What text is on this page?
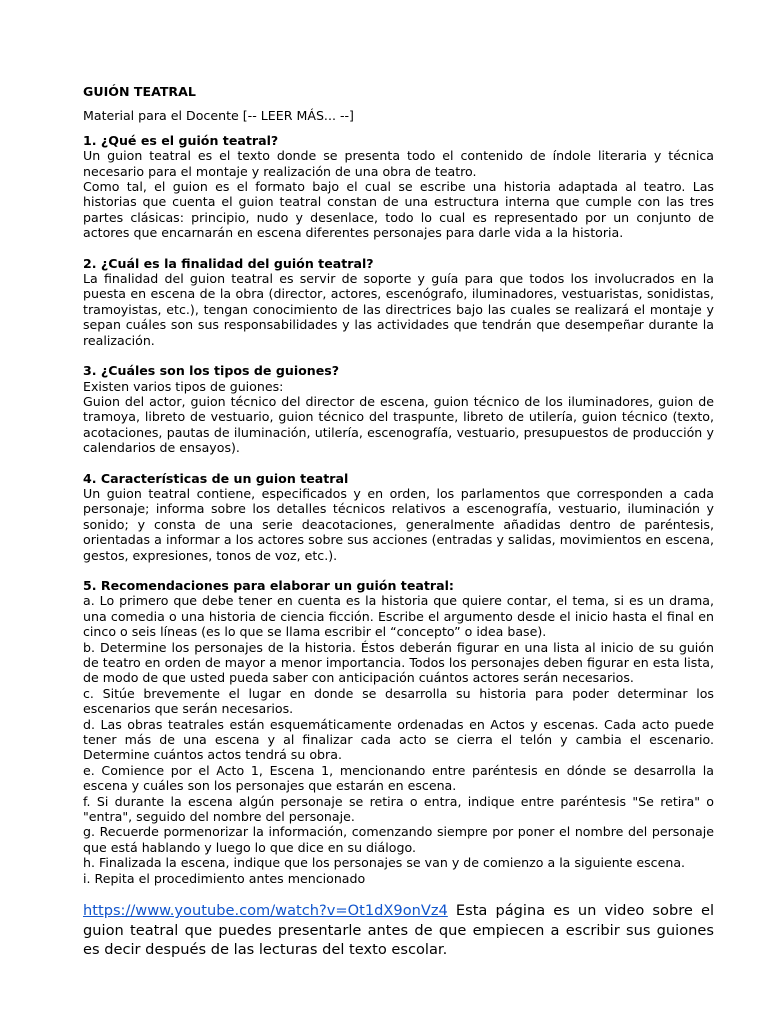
GUIÓN TEATRAL
Material para el Docente [-- LEER MÁS... --]
1. ¿Qué es el guión teatral?
Un guion teatral es el texto donde se presenta todo el contenido de índole literaria y técnica necesario para el montaje y realización de una obra de teatro.
Como tal, el guion es el formato bajo el cual se escribe una historia adaptada al teatro. Las historias que cuenta el guion teatral constan de una estructura interna que cumple con las tres partes clásicas: principio, nudo y desenlace, todo lo cual es representado por un conjunto de actores que encarnarán en escena diferentes personajes para darle vida a la historia.
2. ¿Cuál es la finalidad del guión teatral?
La finalidad del guion teatral es servir de soporte y guía para que todos los involucrados en la puesta en escena de la obra (director, actores, escenógrafo, iluminadores, vestuaristas, sonidistas, tramoyistas, etc.), tengan conocimiento de las directrices bajo las cuales se realizará el montaje y sepan cuáles son sus responsabilidades y las actividades que tendrán que desempeñar durante la realización.
3. ¿Cuáles son los tipos de guiones?
Existen varios tipos de guiones:
Guion del actor, guion técnico del director de escena, guion técnico de los iluminadores, guion de tramoya, libreto de vestuario, guion técnico del traspunte, libreto de utilería, guion técnico (texto, acotaciones, pautas de iluminación, utilería, escenografía, vestuario, presupuestos de producción y calendarios de ensayos).
4. Características de un guion teatral
Un guion teatral contiene, especificados y en orden, los parlamentos que corresponden a cada personaje; informa sobre los detalles técnicos relativos a escenografía, vestuario, iluminación y sonido; y consta de una serie deacotaciones, generalmente añadidas dentro de paréntesis, orientadas a informar a los actores sobre sus acciones (entradas y salidas, movimientos en escena, gestos, expresiones, tonos de voz, etc.).
5. Recomendaciones para elaborar un guión teatral:
a. Lo primero que debe tener en cuenta es la historia que quiere contar, el tema, si es un drama, una comedia o una historia de ciencia ficción. Escribe el argumento desde el inicio hasta el final en cinco o seis líneas (es lo que se llama escribir el “concepto” o idea base).
b. Determine los personajes de la historia. Éstos deberán figurar en una lista al inicio de su guión de teatro en orden de mayor a menor importancia. Todos los personajes deben figurar en esta lista, de modo de que usted pueda saber con anticipación cuántos actores serán necesarios.
c. Sitúe brevemente el lugar en donde se desarrolla su historia para poder determinar los escenarios que serán necesarios.
d. Las obras teatrales están esquemáticamente ordenadas en Actos y escenas. Cada acto puede tener más de una escena y al finalizar cada acto se cierra el telón y cambia el escenario. Determine cuántos actos tendrá su obra.
e. Comience por el Acto 1, Escena 1, mencionando entre paréntesis en dónde se desarrolla la escena y cuáles son los personajes que estarán en escena.
f. Si durante la escena algún personaje se retira o entra, indique entre paréntesis "Se retira" o "entra", seguido del nombre del personaje.
g. Recuerde pormenorizar la información, comenzando siempre por poner el nombre del personaje que está hablando y luego lo que dice en su diálogo.
h. Finalizada la escena, indique que los personajes se van y de comienzo a la siguiente escena.
i. Repita el procedimiento antes mencionado
https://www.youtube.com/watch?v=Ot1dX9onVz4 Esta página es un video sobre el guion teatral que puedes presentarle antes de que empiecen a escribir sus guiones es decir después de las lecturas del texto escolar.
